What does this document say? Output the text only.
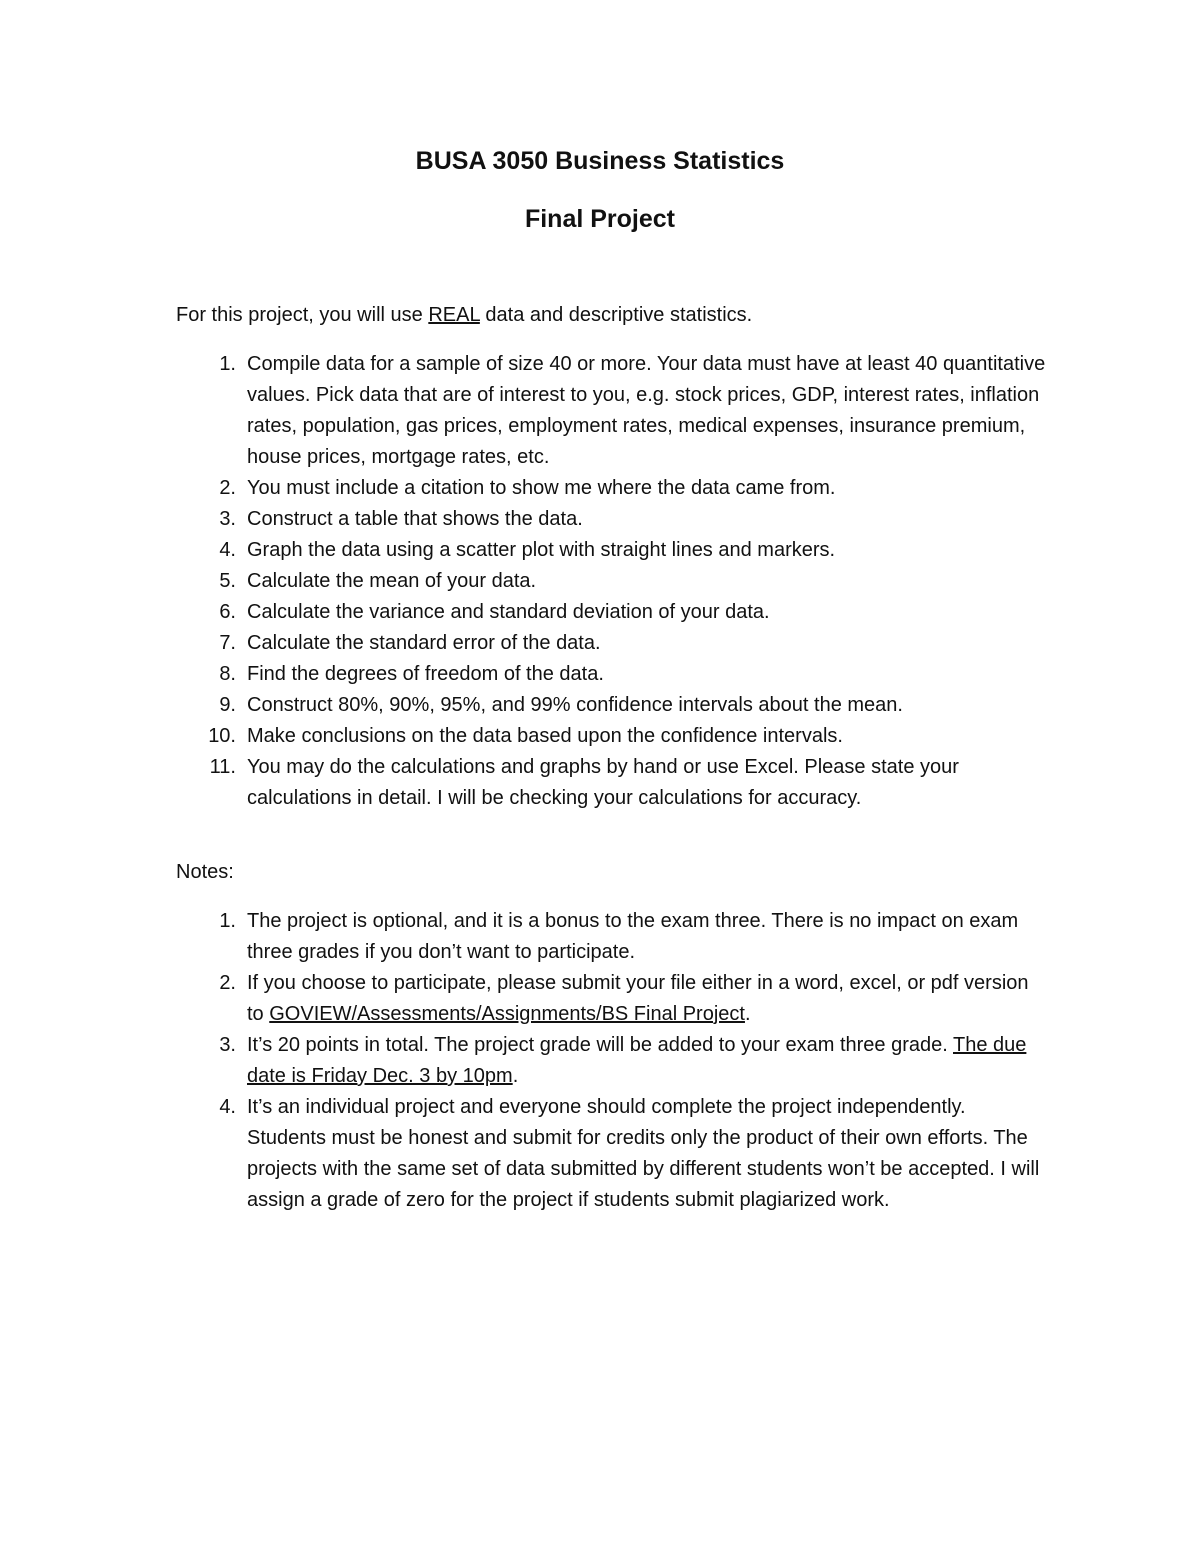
BUSA 3050 Business Statistics
Final Project

For this project, you will use REAL data and descriptive statistics.

1. Compile data for a sample of size 40 or more. Your data must have at least 40 quantitative values. Pick data that are of interest to you, e.g. stock prices, GDP, interest rates, inflation rates, population, gas prices, employment rates, medical expenses, insurance premium, house prices, mortgage rates, etc.
2. You must include a citation to show me where the data came from.
3. Construct a table that shows the data.
4. Graph the data using a scatter plot with straight lines and markers.
5. Calculate the mean of your data.
6. Calculate the variance and standard deviation of your data.
7. Calculate the standard error of the data.
8. Find the degrees of freedom of the data.
9. Construct 80%, 90%, 95%, and 99% confidence intervals about the mean.
10. Make conclusions on the data based upon the confidence intervals.
11. You may do the calculations and graphs by hand or use Excel. Please state your calculations in detail. I will be checking your calculations for accuracy.

Notes:

1. The project is optional, and it is a bonus to the exam three. There is no impact on exam three grades if you don’t want to participate.
2. If you choose to participate, please submit your file either in a word, excel, or pdf version to GOVIEW/Assessments/Assignments/BS Final Project.
3. It’s 20 points in total. The project grade will be added to your exam three grade. The due date is Friday Dec. 3 by 10pm.
4. It’s an individual project and everyone should complete the project independently. Students must be honest and submit for credits only the product of their own efforts. The projects with the same set of data submitted by different students won’t be accepted. I will assign a grade of zero for the project if students submit plagiarized work.
